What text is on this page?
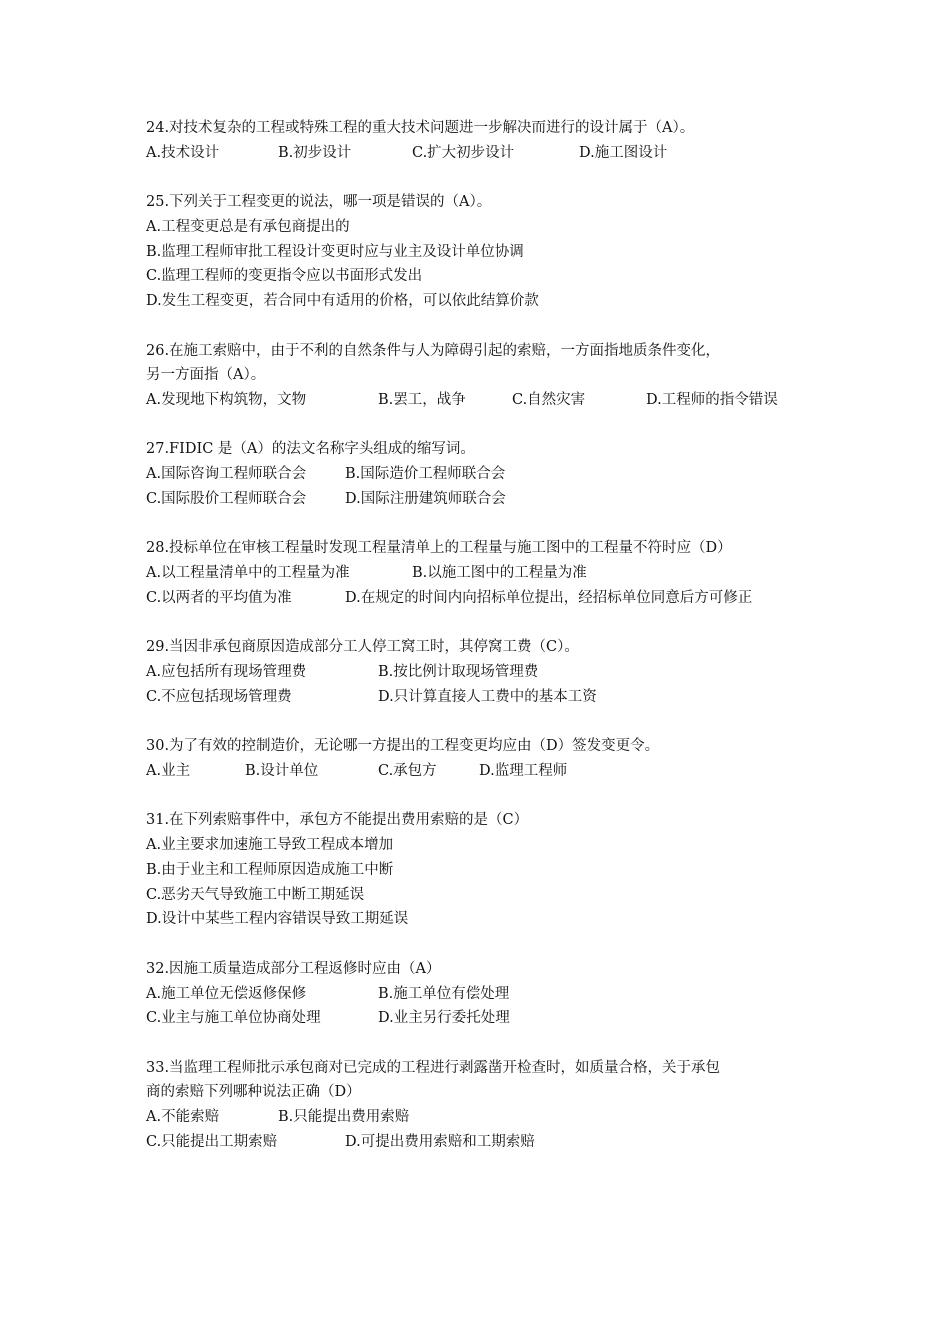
24.对技术复杂的工程或特殊工程的重大技术问题进一步解决而进行的设计属于（A）。
A.技术设计	B.初步设计	C.扩大初步设计	D.施工图设计
25.下列关于工程变更的说法，哪一项是错误的（A）。
A.工程变更总是有承包商提出的
B.监理工程师审批工程设计变更时应与业主及设计单位协调
C.监理工程师的变更指令应以书面形式发出
D.发生工程变更，若合同中有适用的价格，可以依此结算价款
26.在施工索赔中，由于不利的自然条件与人为障碍引起的索赔，一方面指地质条件变化，
另一方面指（A）。
A.发现地下构筑物，文物	B.罢工，战争	C.自然灾害	D.工程师的指令错误
27.FIDIC 是（A）的法文名称字头组成的缩写词。
A.国际咨询工程师联合会	B.国际造价工程师联合会
C.国际股价工程师联合会	D.国际注册建筑师联合会
28.投标单位在审核工程量时发现工程量清单上的工程量与施工图中的工程量不符时应（D）
A.以工程量清单中的工程量为准	B.以施工图中的工程量为准
C.以两者的平均值为准	D.在规定的时间内向招标单位提出，经招标单位同意后方可修正
29.当因非承包商原因造成部分工人停工窝工时，其停窝工费（C）。
A.应包括所有现场管理费	B.按比例计取现场管理费
C.不应包括现场管理费	D.只计算直接人工费中的基本工资
30.为了有效的控制造价，无论哪一方提出的工程变更均应由（D）签发变更令。
A.业主	B.设计单位	C.承包方	D.监理工程师
31.在下列索赔事件中，承包方不能提出费用索赔的是（C）
A.业主要求加速施工导致工程成本增加
B.由于业主和工程师原因造成施工中断
C.恶劣天气导致施工中断工期延误
D.设计中某些工程内容错误导致工期延误
32.因施工质量造成部分工程返修时应由（A）
A.施工单位无偿返修保修	B.施工单位有偿处理
C.业主与施工单位协商处理	D.业主另行委托处理
33.当监理工程师批示承包商对已完成的工程进行剥露凿开检查时，如质量合格，关于承包
商的索赔下列哪种说法正确（D）
A.不能索赔	B.只能提出费用索赔
C.只能提出工期索赔	D.可提出费用索赔和工期索赔
